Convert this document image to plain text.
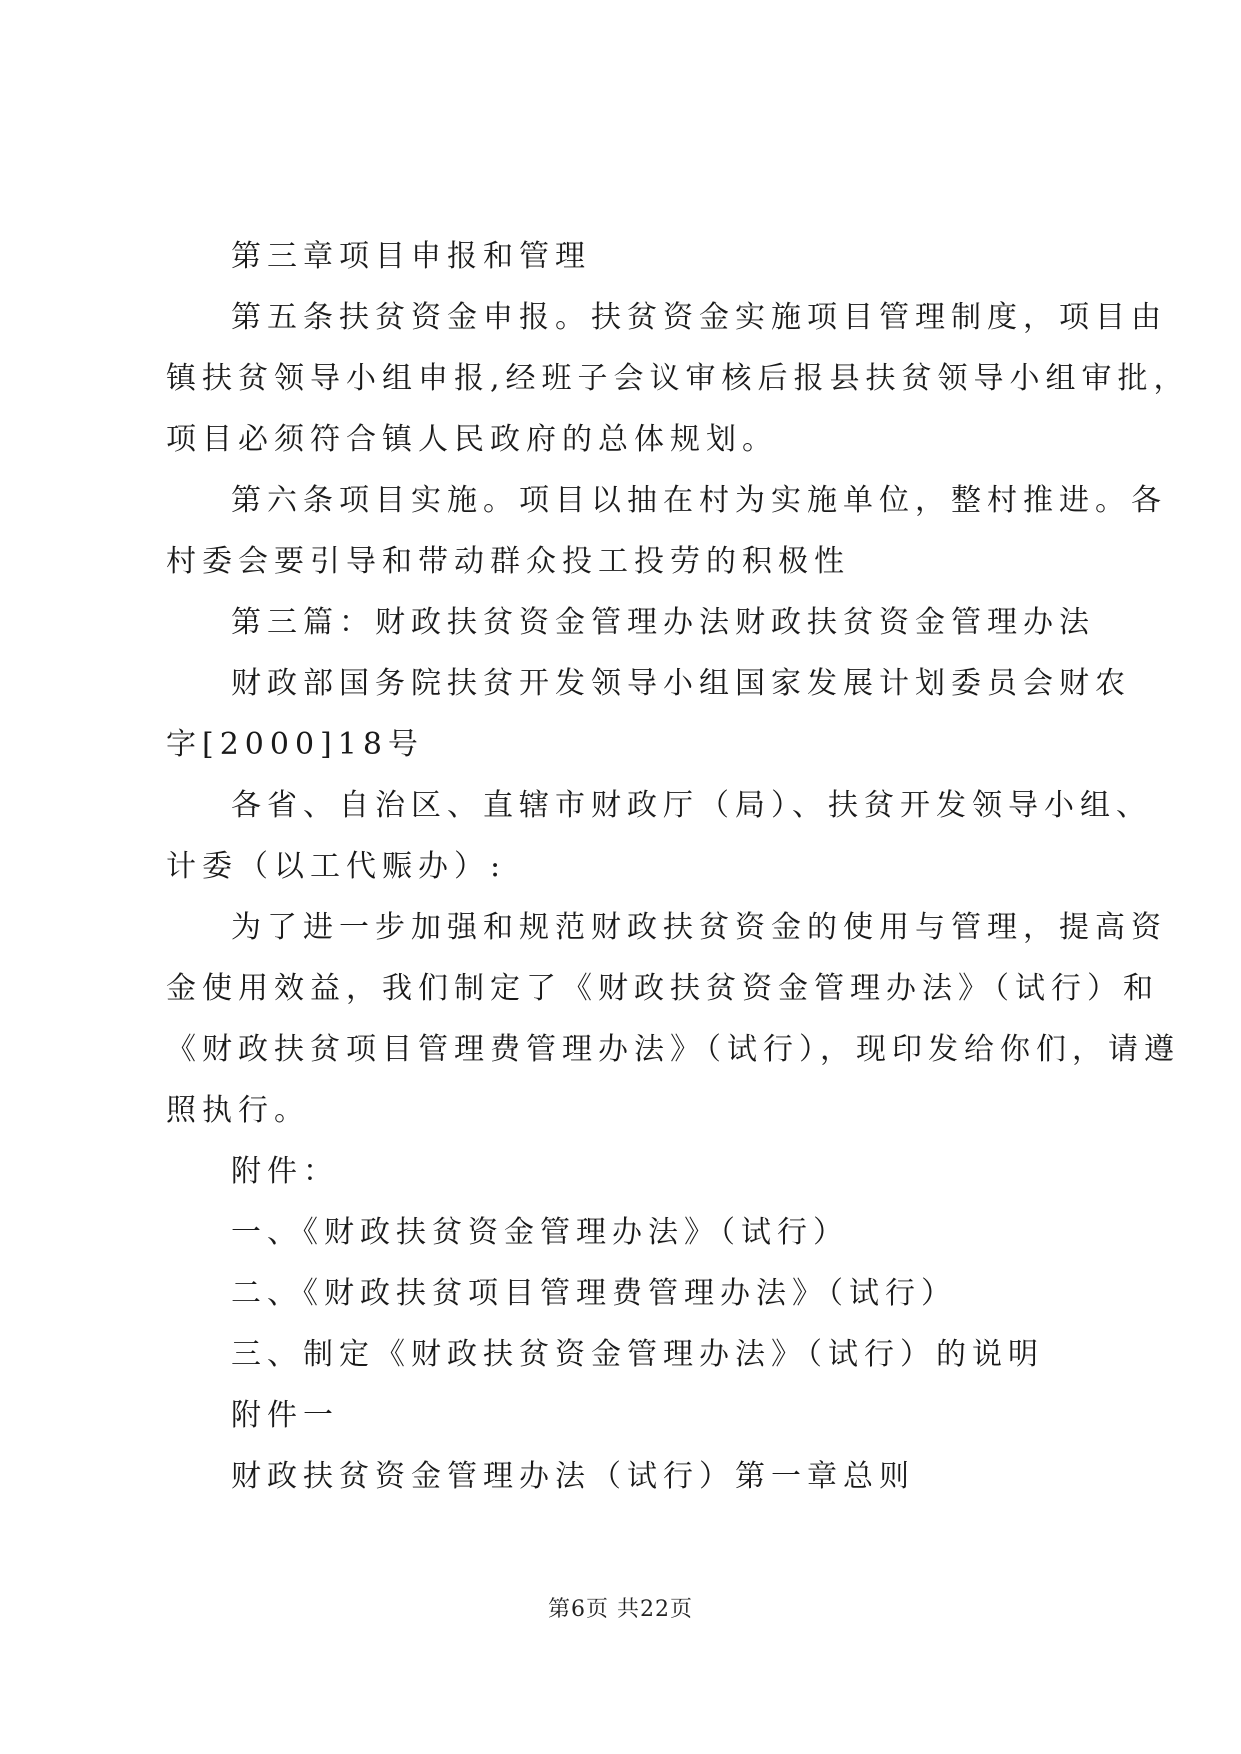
第三章项目申报和管理
第五条扶贫资金申报。扶贫资金实施项目管理制度，项目由
镇扶贫领导小组申报,经班子会议审核后报县扶贫领导小组审批，
项目必须符合镇人民政府的总体规划。
第六条项目实施。项目以抽在村为实施单位，整村推进。各
村委会要引导和带动群众投工投劳的积极性
第三篇：财政扶贫资金管理办法财政扶贫资金管理办法
财政部国务院扶贫开发领导小组国家发展计划委员会财农
字[2000]18号
各省、自治区、直辖市财政厅（局）、扶贫开发领导小组、
计委（以工代赈办）:
为了进一步加强和规范财政扶贫资金的使用与管理，提高资
金使用效益，我们制定了《财政扶贫资金管理办法》（试行）和
《财政扶贫项目管理费管理办法》（试行），现印发给你们，请遵
照执行。
附件：
一、《财政扶贫资金管理办法》（试行）
二、《财政扶贫项目管理费管理办法》（试行）
三、制定《财政扶贫资金管理办法》（试行）的说明
附件一
财政扶贫资金管理办法（试行）第一章总则
第6页 共22页
